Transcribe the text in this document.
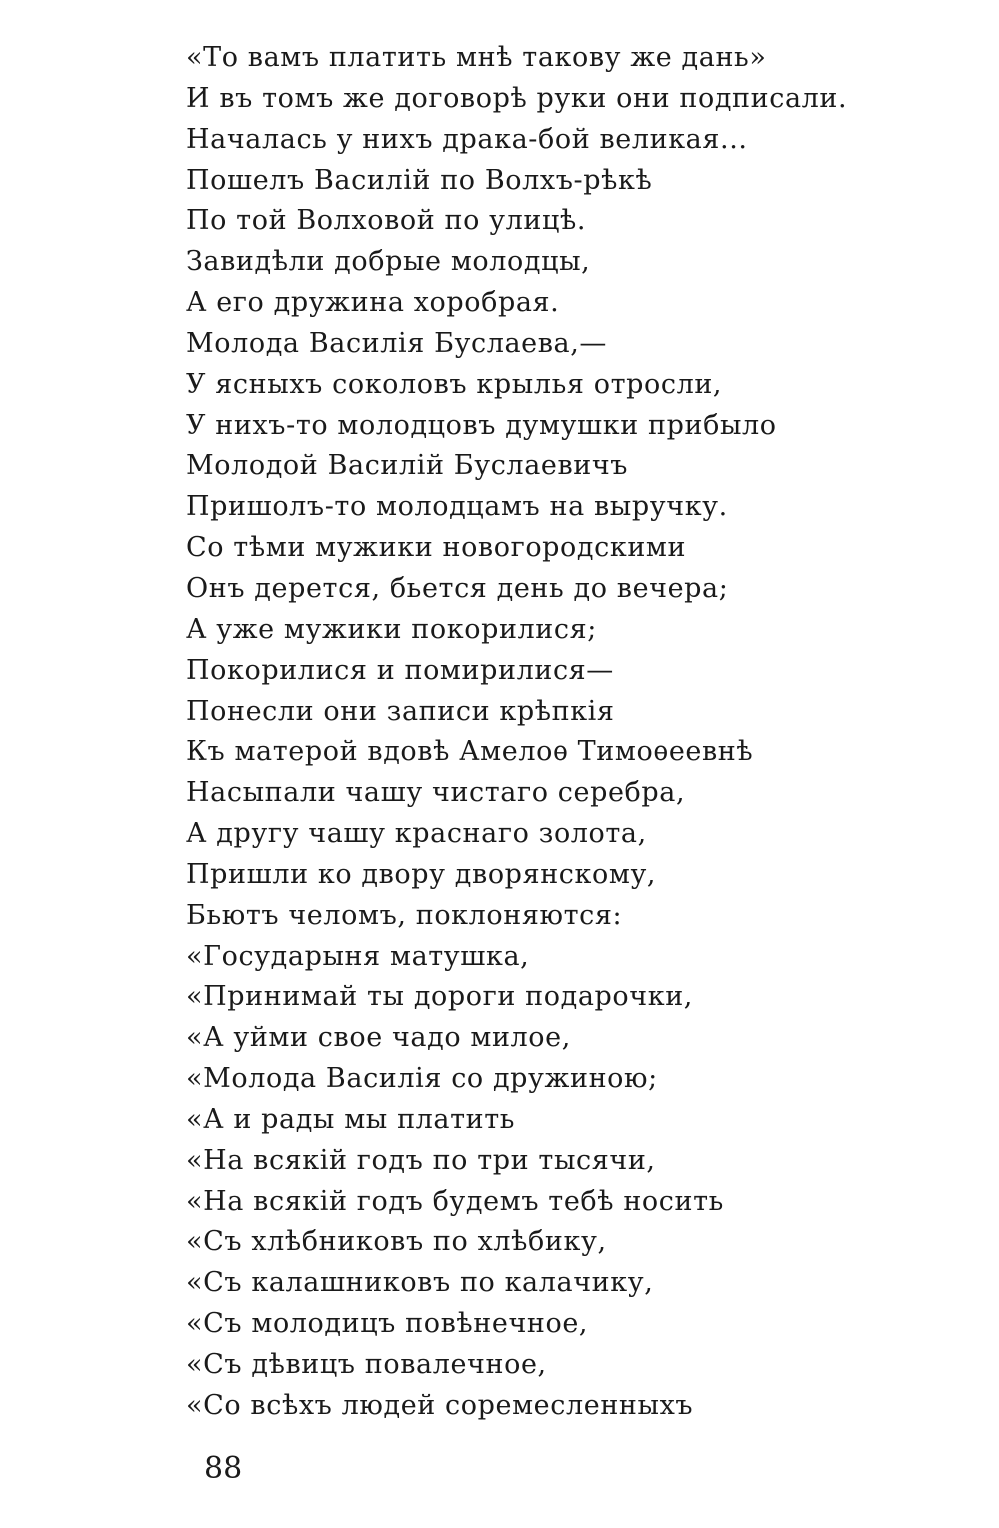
«То вамъ платить мнѣ такову же дань»
И въ томъ же договорѣ руки они подписали.
Началась у нихъ драка-бой великая...
Пошелъ Василій по Волхъ-рѣкѣ
По той Волховой по улицѣ.
Завидѣли добрые молодцы,
А его дружина хоробрая.
Молода Василія Буслаева,—
У ясныхъ соколовъ крылья отросли,
У нихъ-то молодцовъ думушки прибыло
Молодой Василій Буслаевичъ
Пришолъ-то молодцамъ на выручку.
Со тѣми мужики новогородскими
Онъ дерется, бьется день до вечера;
А уже мужики покорилися;
Покорилися и помирилися—
Понесли они записи крѣпкія
Къ матерой вдовѣ Амелоѳ Тимоѳеевнѣ
Насыпали чашу чистаго серебра,
А другу чашу краснаго золота,
Пришли ко двору дворянскому,
Бьютъ челомъ, поклоняются:
«Государыня матушка,
«Принимай ты дороги подарочки,
«А уйми свое чадо милое,
«Молода Василія со дружиною;
«А и рады мы платить
«На всякій годъ по три тысячи,
«На всякій годъ будемъ тебѣ носить
«Съ хлѣбниковъ по хлѣбику,
«Съ калашниковъ по калачику,
«Съ молодицъ повѣнечное,
«Съ дѣвицъ повалечное,
«Со всѣхъ людей соремесленныхъ
88
